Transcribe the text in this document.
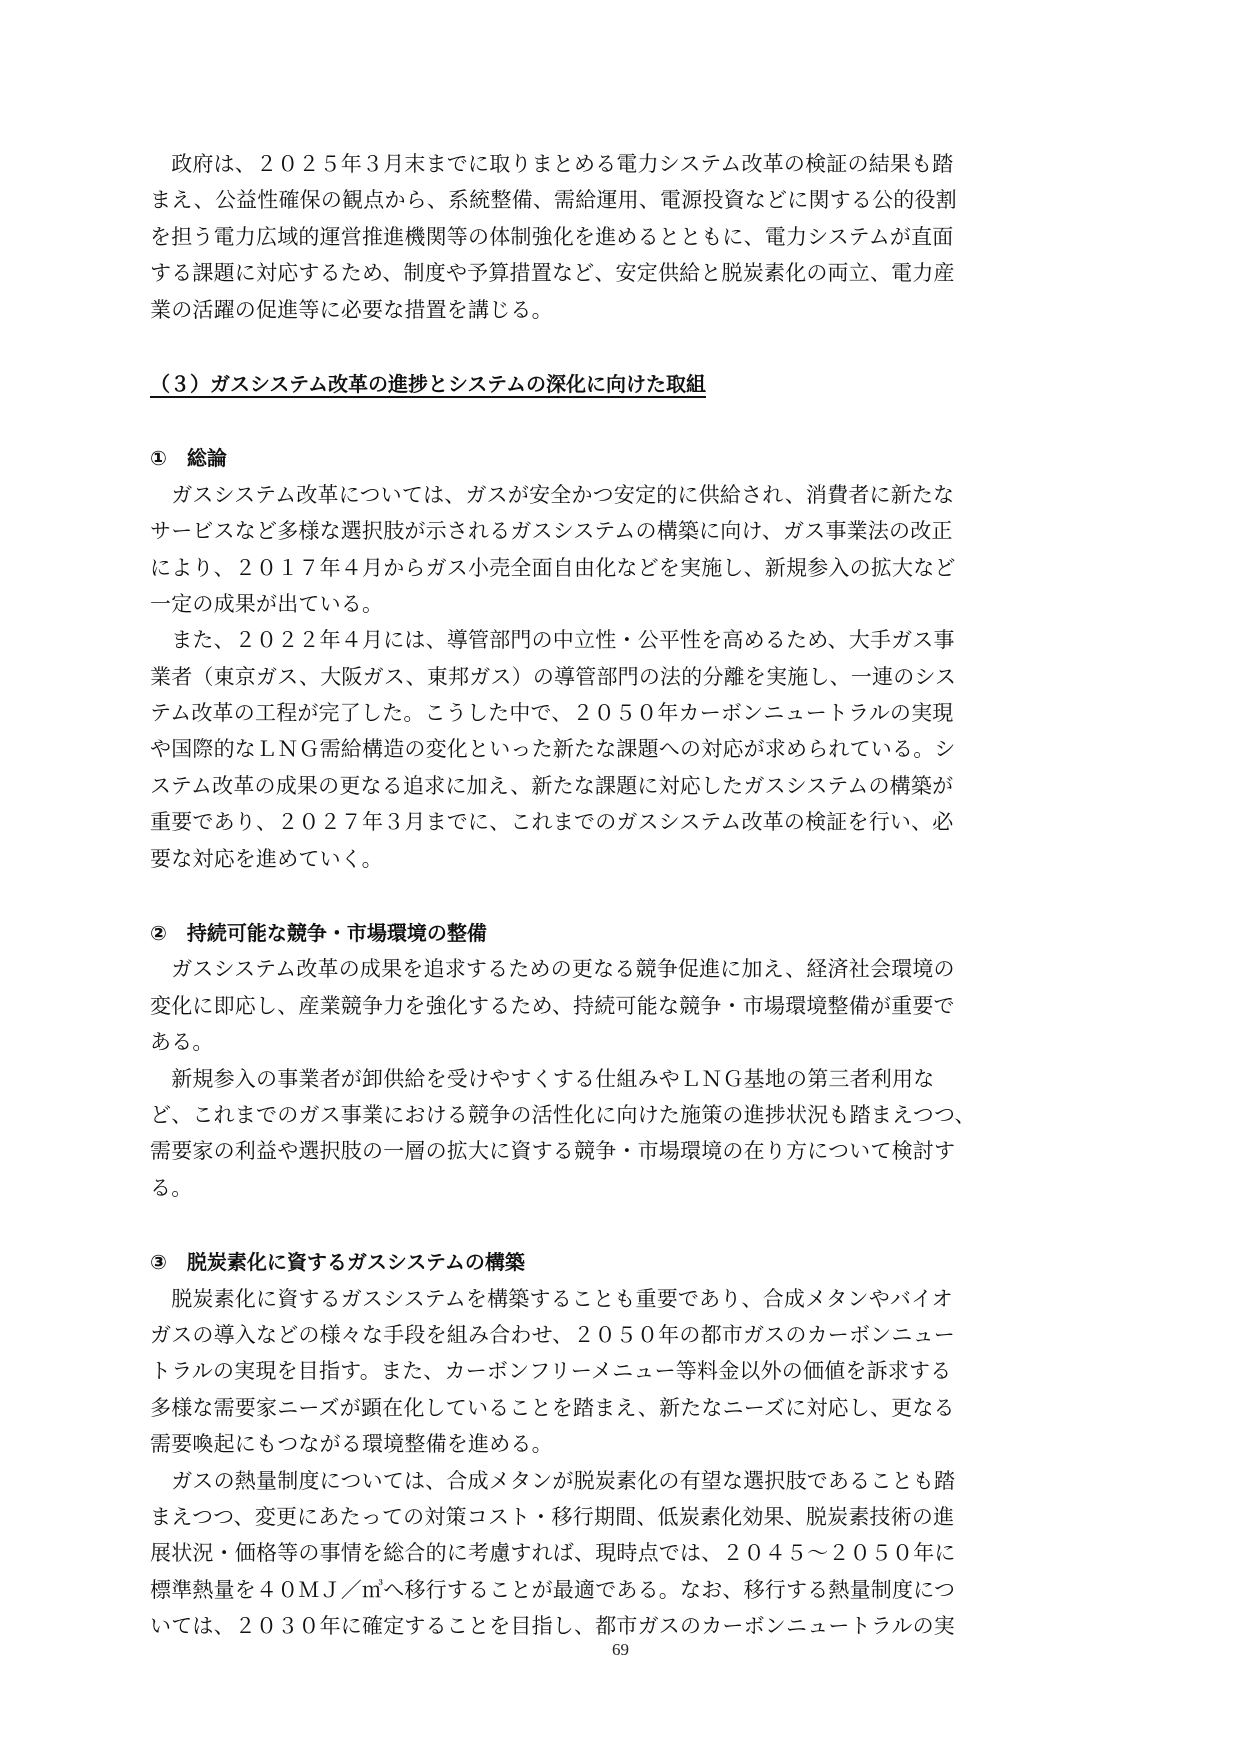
　政府は、２０２５年３月末までに取りまとめる電力システム改革の検証の結果も踏
まえ、公益性確保の観点から、系統整備、需給運用、電源投資などに関する公的役割
を担う電力広域的運営推進機関等の体制強化を進めるとともに、電力システムが直面
する課題に対応するため、制度や予算措置など、安定供給と脱炭素化の両立、電力産
業の活躍の促進等に必要な措置を講じる。
（３）ガスシステム改革の進捗とシステムの深化に向けた取組
①　総論
　ガスシステム改革については、ガスが安全かつ安定的に供給され、消費者に新たな
サービスなど多様な選択肢が示されるガスシステムの構築に向け、ガス事業法の改正
により、２０１７年４月からガス小売全面自由化などを実施し、新規参入の拡大など
一定の成果が出ている。
　また、２０２２年４月には、導管部門の中立性・公平性を高めるため、大手ガス事
業者（東京ガス、大阪ガス、東邦ガス）の導管部門の法的分離を実施し、一連のシス
テム改革の工程が完了した。こうした中で、２０５０年カーボンニュートラルの実現
や国際的なＬＮＧ需給構造の変化といった新たな課題への対応が求められている。シ
ステム改革の成果の更なる追求に加え、新たな課題に対応したガスシステムの構築が
重要であり、２０２７年３月までに、これまでのガスシステム改革の検証を行い、必
要な対応を進めていく。
②　持続可能な競争・市場環境の整備
　ガスシステム改革の成果を追求するための更なる競争促進に加え、経済社会環境の
変化に即応し、産業競争力を強化するため、持続可能な競争・市場環境整備が重要で
ある。
　新規参入の事業者が卸供給を受けやすくする仕組みやＬＮＧ基地の第三者利用な
ど、これまでのガス事業における競争の活性化に向けた施策の進捗状況も踏まえつつ、
需要家の利益や選択肢の一層の拡大に資する競争・市場環境の在り方について検討す
る。
③　脱炭素化に資するガスシステムの構築
　脱炭素化に資するガスシステムを構築することも重要であり、合成メタンやバイオ
ガスの導入などの様々な手段を組み合わせ、２０５０年の都市ガスのカーボンニュー
トラルの実現を目指す。また、カーボンフリーメニュー等料金以外の価値を訴求する
多様な需要家ニーズが顕在化していることを踏まえ、新たなニーズに対応し、更なる
需要喚起にもつながる環境整備を進める。
　ガスの熱量制度については、合成メタンが脱炭素化の有望な選択肢であることも踏
まえつつ、変更にあたっての対策コスト・移行期間、低炭素化効果、脱炭素技術の進
展状況・価格等の事情を総合的に考慮すれば、現時点では、２０４５～２０５０年に
標準熱量を４０ＭＪ／㎥へ移行することが最適である。なお、移行する熱量制度につ
いては、２０３０年に確定することを目指し、都市ガスのカーボンニュートラルの実
69
